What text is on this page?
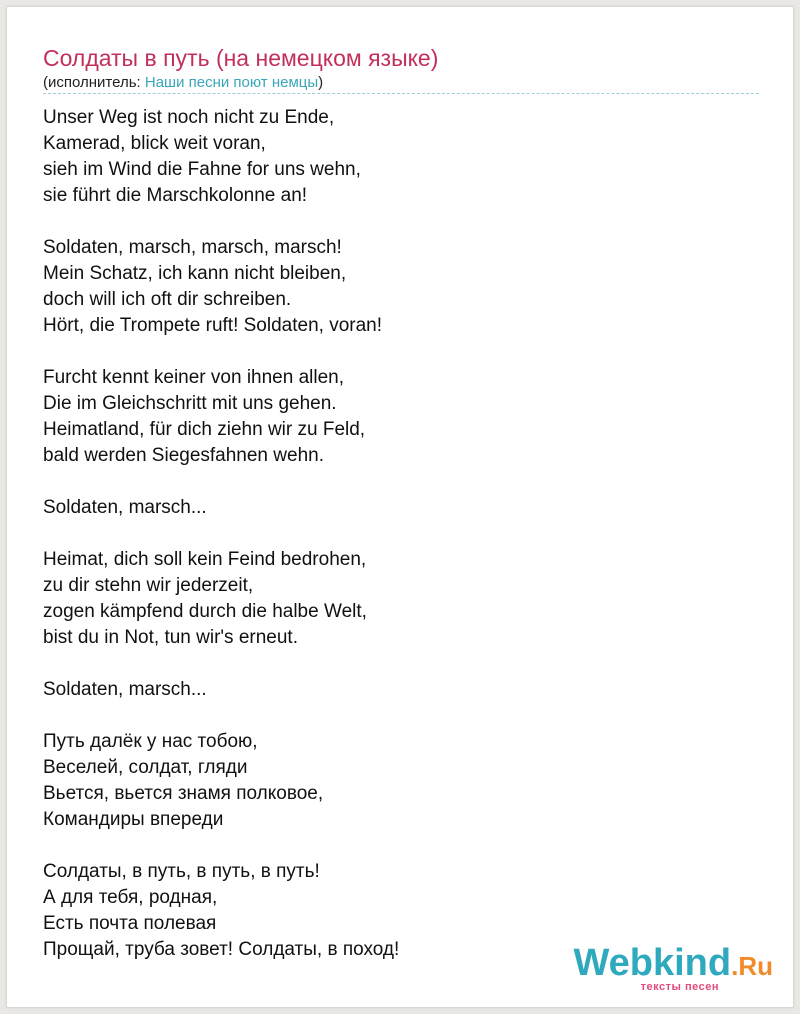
Солдаты в путь (на немецком языке)
(исполнитель: Наши песни поют немцы)
Unser Weg ist noch nicht zu Ende,
Kamerad, blick weit voran,
sieh im Wind die Fahne for uns wehn,
sie führt die Marschkolonne an!
Soldaten, marsch, marsch, marsch!
Mein Schatz, ich kann nicht bleiben,
doch will ich oft dir schreiben.
Hört, die Trompete ruft! Soldaten, voran!
Furcht kennt keiner von ihnen allen,
Die im Gleichschritt mit uns gehen.
Heimatland, für dich ziehn wir zu Feld,
bald werden Siegesfahnen wehn.
Soldaten, marsch...
Heimat, dich soll kein Feind bedrohen,
zu dir stehn wir jederzeit,
zogen kämpfend durch die halbe Welt,
bist du in Not, tun wir's erneut.
Soldaten, marsch...
Путь далёк у нас тобою,
Веселей, солдат, гляди
Вьется, вьется знамя полковое,
Командиры впереди
Солдаты, в путь, в путь, в путь!
А для тебя, родная,
Есть почта полевая
Прощай, труба зовет! Солдаты, в поход!	Webkind.Ru
тексты песен
